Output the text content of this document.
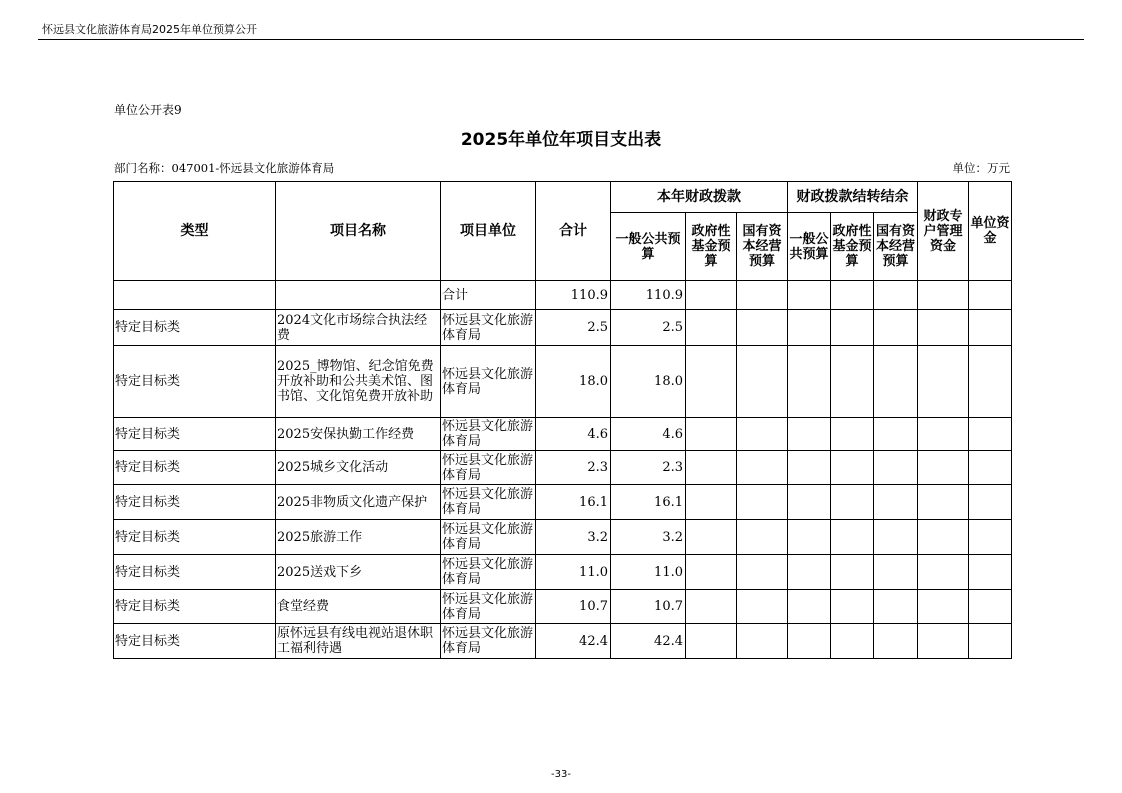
怀远县文化旅游体育局2025年单位预算公开
单位公开表9
2025年单位年项目支出表
部门名称：047001-怀远县文化旅游体育局	单位：万元
类型	项目名称	项目单位	合计	本年财政拨款			财政拨款结转结余			财政专户管理资金	单位资金
				一般公共预算	政府性基金预算	国有资本经营预算	一般公共预算	政府性基金预算	国有资本经营预算		
		合计	110.9	110.9							
特定目标类	2024文化市场综合执法经费	怀远县文化旅游体育局	2.5	2.5							
特定目标类	2025_博物馆、纪念馆免费开放补助和公共美术馆、图书馆、文化馆免费开放补助	怀远县文化旅游体育局	18.0	18.0							
特定目标类	2025安保执勤工作经费	怀远县文化旅游体育局	4.6	4.6							
特定目标类	2025城乡文化活动	怀远县文化旅游体育局	2.3	2.3							
特定目标类	2025非物质文化遗产保护	怀远县文化旅游体育局	16.1	16.1							
特定目标类	2025旅游工作	怀远县文化旅游体育局	3.2	3.2							
特定目标类	2025送戏下乡	怀远县文化旅游体育局	11.0	11.0							
特定目标类	食堂经费	怀远县文化旅游体育局	10.7	10.7							
特定目标类	原怀远县有线电视站退休职工福利待遇	怀远县文化旅游体育局	42.4	42.4							
-33-
